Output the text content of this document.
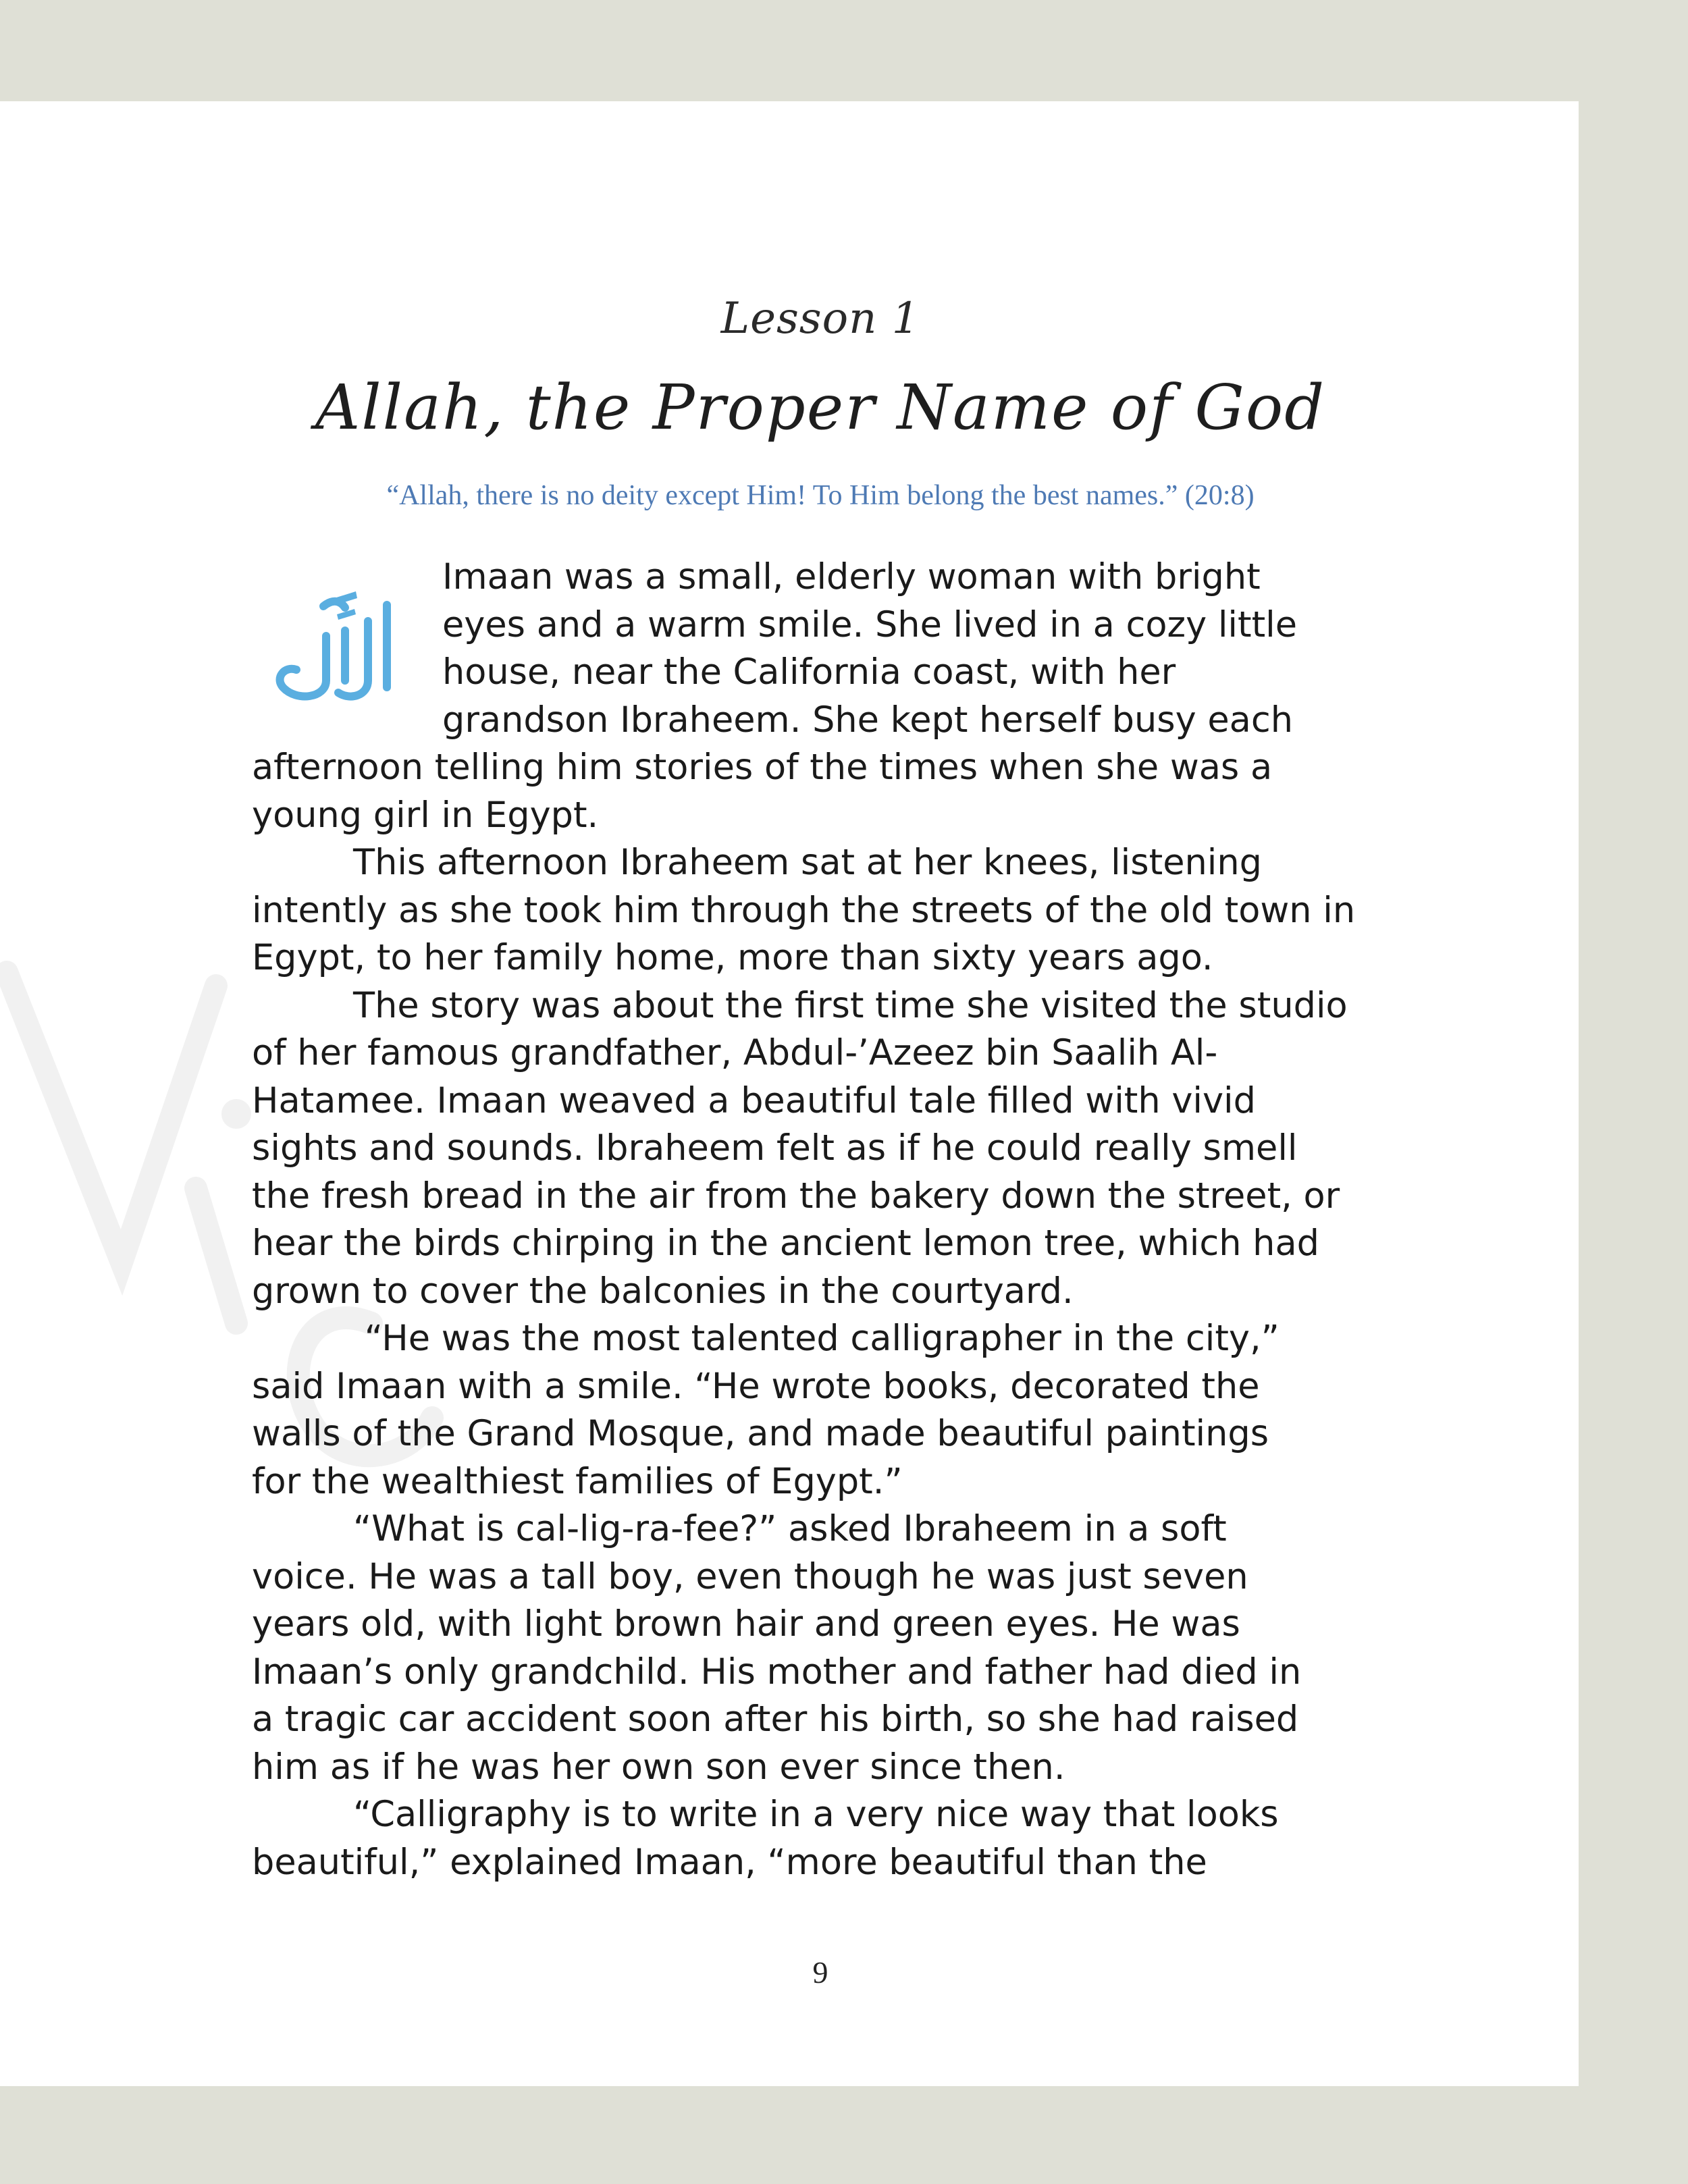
Lesson 1
Allah, the Proper Name of God
“Allah, there is no deity except Him! To Him belong the best names.” (20:8)

Imaan was a small, elderly woman with bright
eyes and a warm smile. She lived in a cozy little
house, near the California coast, with her
grandson Ibraheem. She kept herself busy each
afternoon telling him stories of the times when she was a
young girl in Egypt.

This afternoon Ibraheem sat at her knees, listening
intently as she took him through the streets of the old town in
Egypt, to her family home, more than sixty years ago.

The story was about the first time she visited the studio
of her famous grandfather, Abdul-’Azeez bin Saalih Al-
Hatamee. Imaan weaved a beautiful tale filled with vivid
sights and sounds. Ibraheem felt as if he could really smell
the fresh bread in the air from the bakery down the street, or
hear the birds chirping in the ancient lemon tree, which had
grown to cover the balconies in the courtyard.

“He was the most talented calligrapher in the city,”
said Imaan with a smile. “He wrote books, decorated the
walls of the Grand Mosque, and made beautiful paintings
for the wealthiest families of Egypt.”

“What is cal-lig-ra-fee?” asked Ibraheem in a soft
voice. He was a tall boy, even though he was just seven
years old, with light brown hair and green eyes. He was
Imaan’s only grandchild. His mother and father had died in
a tragic car accident soon after his birth, so she had raised
him as if he was her own son ever since then.

“Calligraphy is to write in a very nice way that looks
beautiful,” explained Imaan, “more beautiful than the

9
